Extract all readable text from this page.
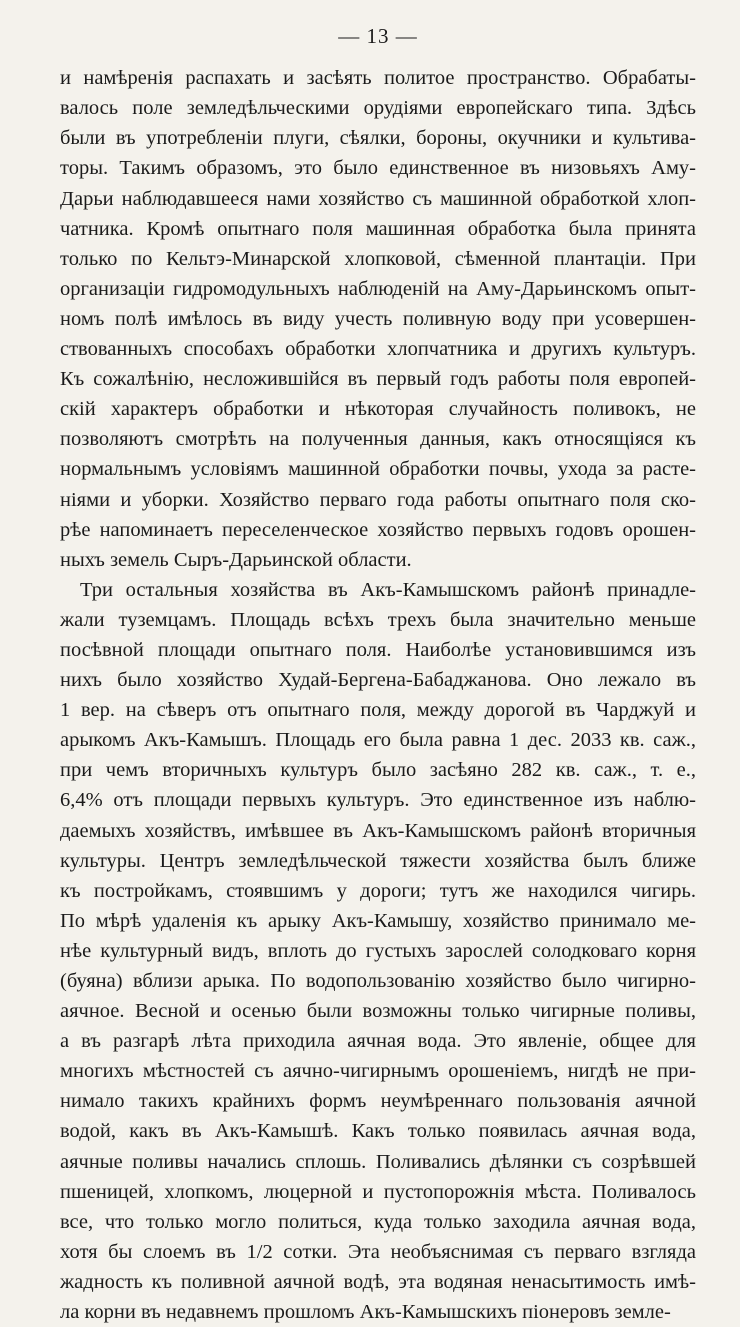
— 13 —

и намѣренія распахать и засѣять политое пространство. Обрабаты-
валось поле земледѣльческими орудіями европейскаго типа. Здѣсь
были въ употребленіи плуги, сѣялки, бороны, окучники и культива-
торы. Такимъ образомъ, это было единственное въ низовьяхъ Аму-
Дарьи наблюдавшееся нами хозяйство съ машинной обработкой хлоп-
чатника. Кромѣ опытнаго поля машинная обработка была принята
только по Кельтэ-Минарской хлопковой, сѣменной плантаціи. При
организаціи гидромодульныхъ наблюденій на Аму-Дарьинскомъ опыт-
номъ полѣ имѣлось въ виду учесть поливную воду при усовершен-
ствованныхъ способахъ обработки хлопчатника и другихъ культуръ.
Къ сожалѣнію, несложившійся въ первый годъ работы поля европей-
скій характеръ обработки и нѣкоторая случайность поливокъ, не
позволяютъ смотрѣть на полученныя данныя, какъ относящіяся къ
нормальнымъ условіямъ машинной обработки почвы, ухода за расте-
ніями и уборки. Хозяйство перваго года работы опытнаго поля ско-
рѣе напоминаетъ переселенческое хозяйство первыхъ годовъ орошен-
ныхъ земель Сыръ-Дарьинской области.

Три остальныя хозяйства въ Акъ-Камышскомъ районѣ принадле-
жали туземцамъ. Площадь всѣхъ трехъ была значительно меньше
посѣвной площади опытнаго поля. Наиболѣе установившимся изъ
нихъ было хозяйство Худай-Бергена-Бабаджанова. Оно лежало въ
1 вер. на сѣверъ отъ опытнаго поля, между дорогой въ Чарджуй и
арыкомъ Акъ-Камышъ. Площадь его была равна 1 дес. 2033 кв. саж.,
при чемъ вторичныхъ культуръ было засѣяно 282 кв. саж., т. е.,
6,4% отъ площади первыхъ культуръ. Это единственное изъ наблю-
даемыхъ хозяйствъ, имѣвшее въ Акъ-Камышскомъ районѣ вторичныя
культуры. Центръ земледѣльческой тяжести хозяйства былъ ближе
къ постройкамъ, стоявшимъ у дороги; тутъ же находился чигирь.
По мѣрѣ удаленія къ арыку Акъ-Камышу, хозяйство принимало ме-
нѣе культурный видъ, вплоть до густыхъ зарослей солодковаго корня
(буяна) вблизи арыка. По водопользованію хозяйство было чигирно-
аячное. Весной и осенью были возможны только чигирные поливы,
а въ разгарѣ лѣта приходила аячная вода. Это явленіе, общее для
многихъ мѣстностей съ аячно-чигирнымъ орошеніемъ, нигдѣ не при-
нимало такихъ крайнихъ формъ неумѣреннаго пользованія аячной
водой, какъ въ Акъ-Камышѣ. Какъ только появилась аячная вода,
аячные поливы начались сплошь. Поливались дѣлянки съ созрѣвшей
пшеницей, хлопкомъ, люцерной и пустопорожнія мѣста. Поливалось
все, что только могло политься, куда только заходила аячная вода,
хотя бы слоемъ въ 1/2 сотки. Эта необъяснимая съ перваго взгляда
жадность къ поливной аячной водѣ, эта водяная ненасытимость имѣ-
ла корни въ недавнемъ прошломъ Акъ-Камышскихъ піонеровъ земле-
